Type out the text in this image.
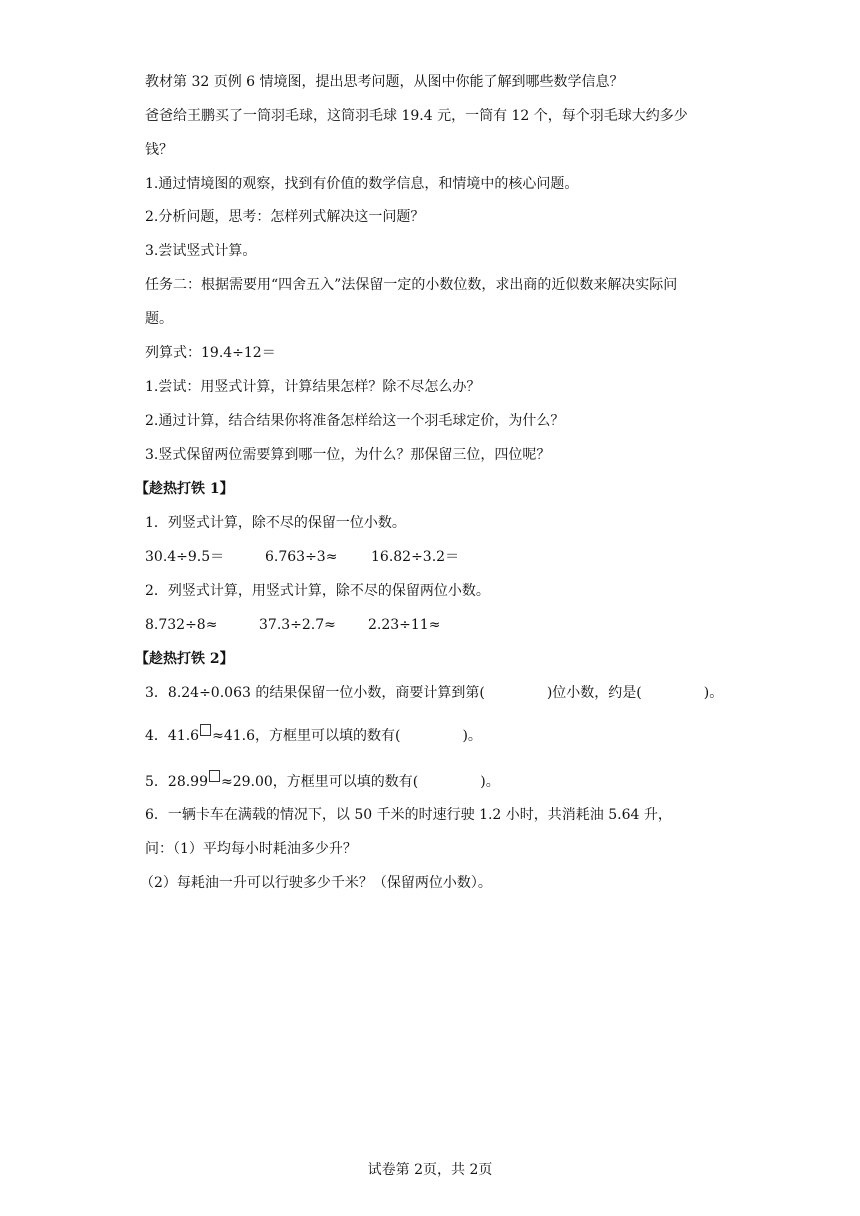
教材第 32 页例 6 情境图，提出思考问题，从图中你能了解到哪些数学信息？
爸爸给王鹏买了一筒羽毛球，这筒羽毛球 19.4 元，一筒有 12 个，每个羽毛球大约多少
钱？
1.通过情境图的观察，找到有价值的数学信息，和情境中的核心问题。
2.分析问题，思考：怎样列式解决这一问题？
3.尝试竖式计算。
任务二：根据需要用“四舍五入”法保留一定的小数位数，求出商的近似数来解决实际问
题。
列算式：19.4÷12＝
1.尝试：用竖式计算，计算结果怎样？除不尽怎么办？
2.通过计算，结合结果你将准备怎样给这一个羽毛球定价，为什么？
3.竖式保留两位需要算到哪一位，为什么？那保留三位，四位呢？
【趁热打铁 1】
1．列竖式计算，除不尽的保留一位小数。
30.4÷9.5＝	6.763÷3≈ 16.82÷3.2＝
2．列竖式计算，用竖式计算，除不尽的保留两位小数。
8.732÷8≈	37.3÷2.7≈ 2.23÷11≈
【趁热打铁 2】
3．8.24÷0.063 的结果保留一位小数，商要计算到第(	)位小数，约是(	)。
4．41.6 ≈41.6，方框里可以填的数有(	)。
5．28.99 ≈29.00，方框里可以填的数有(	)。
6．一辆卡车在满载的情况下，以 50 千米的时速行驶 1.2 小时，共消耗油 5.64 升，
问：（1）平均每小时耗油多少升？
（2）每耗油一升可以行驶多少千米？（保留两位小数）。
试卷第 2页，共 2页
